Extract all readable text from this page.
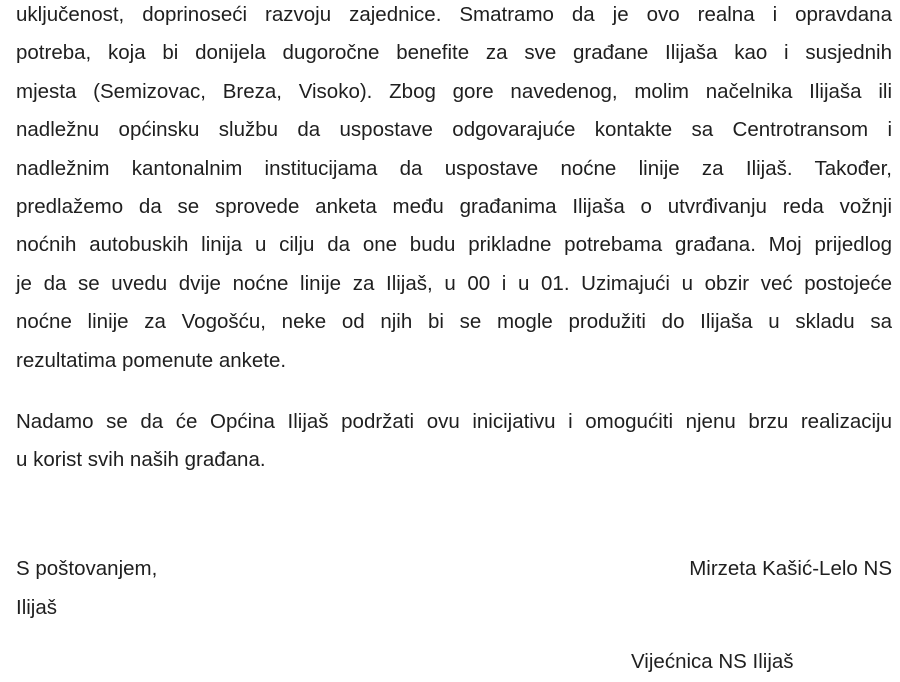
uključenost, doprinoseći razvoju zajednice. Smatramo da je ovo realna i opravdana
potreba, koja bi donijela dugoročne benefite za sve građane Ilijaša kao i susjednih
mjesta (Semizovac, Breza, Visoko). Zbog gore navedenog, molim načelnika Ilijaša ili
nadležnu općinsku službu da uspostave odgovarajuće kontakte sa Centrotransom i
nadležnim kantonalnim institucijama da uspostave noćne linije za Ilijaš. Također,
predlažemo da se sprovede anketa među građanima Ilijaša o utvrđivanju reda vožnji
noćnih autobuskih linija u cilju da one budu prikladne potrebama građana. Moj prijedlog
je da se uvedu dvije noćne linije za Ilijaš, u 00 i u 01. Uzimajući u obzir već postojeće
noćne linije za Vogošću, neke od njih bi se mogle produžiti do Ilijaša u skladu sa
rezultatima pomenute ankete.
Nadamo se da će Općina Ilijaš podržati ovu inicijativu i omogućiti njenu brzu realizaciju
u korist svih naših građana.

S poštovanjem,

Ilijaš

Mirzeta Kašić-Lelo NS

Vijećnica NS Ilijaš
